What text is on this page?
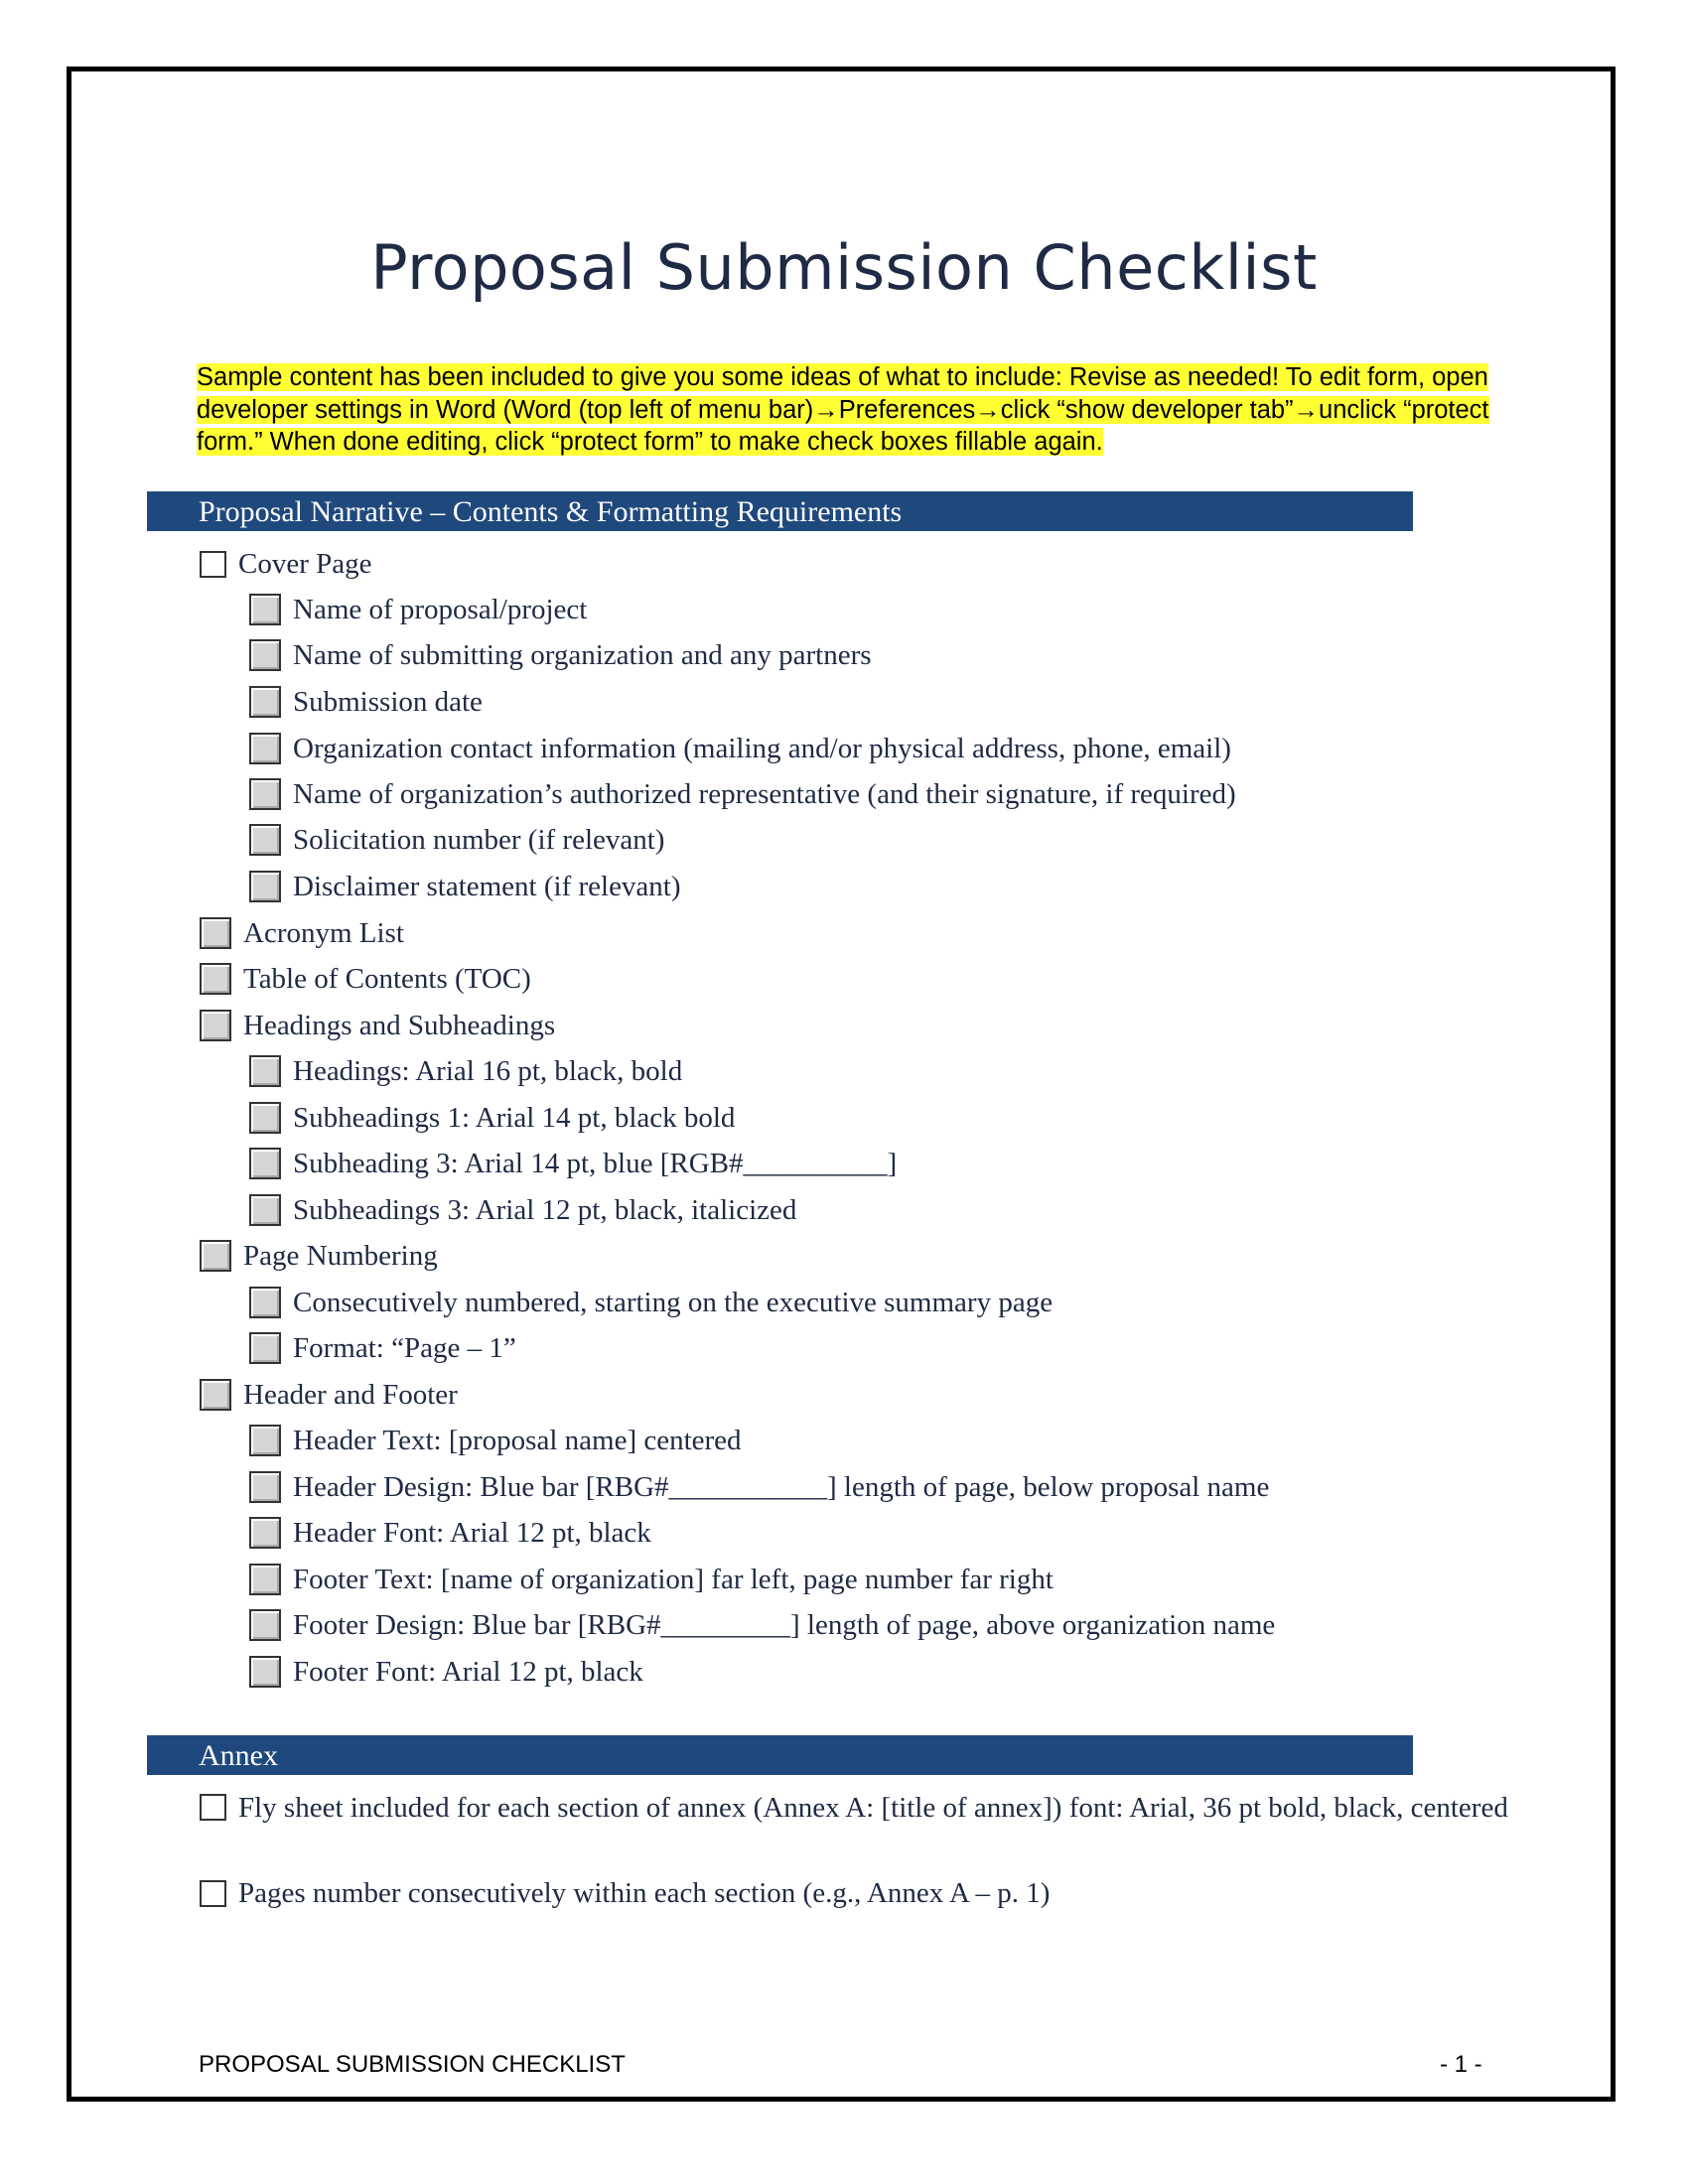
Proposal Submission Checklist

Sample content has been included to give you some ideas of what to include: Revise as needed! To edit form, open developer settings in Word (Word (top left of menu bar)→Preferences→click “show developer tab”→unclick “protect form.” When done editing, click “protect form” to make check boxes fillable again.

Proposal Narrative – Contents & Formatting Requirements
Cover Page
Name of proposal/project
Name of submitting organization and any partners
Submission date
Organization contact information (mailing and/or physical address, phone, email)
Name of organization’s authorized representative (and their signature, if required)
Solicitation number (if relevant)
Disclaimer statement (if relevant)
Acronym List
Table of Contents (TOC)
Headings and Subheadings
Headings: Arial 16 pt, black, bold
Subheadings 1: Arial 14 pt, black bold
Subheading 3: Arial 14 pt, blue [RGB#__________]
Subheadings 3: Arial 12 pt, black, italicized
Page Numbering
Consecutively numbered, starting on the executive summary page
Format: “Page – 1”
Header and Footer
Header Text: [proposal name] centered
Header Design: Blue bar [RBG#___________] length of page, below proposal name
Header Font: Arial 12 pt, black
Footer Text: [name of organization] far left, page number far right
Footer Design: Blue bar [RBG#_________] length of page, above organization name
Footer Font: Arial 12 pt, black
Annex
Fly sheet included for each section of annex (Annex A: [title of annex]) font: Arial, 36 pt bold, black, centered
Pages number consecutively within each section (e.g., Annex A – p. 1)
PROPOSAL SUBMISSION CHECKLIST	- 1 -
